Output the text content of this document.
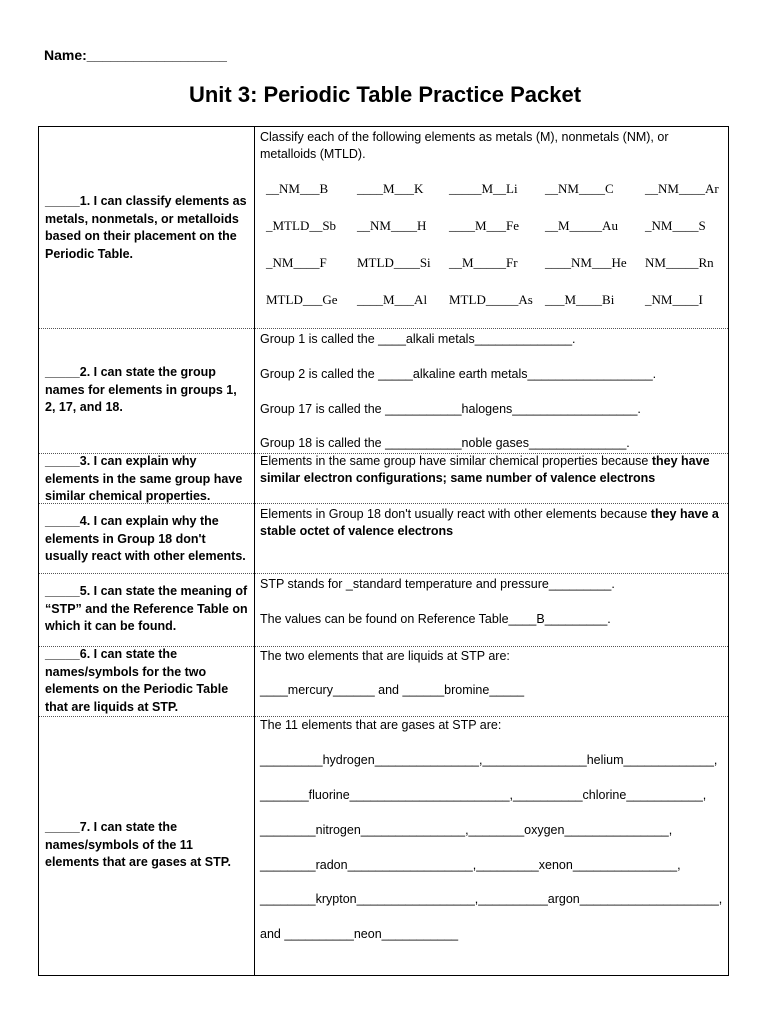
Name:__________________
Unit 3: Periodic Table Practice Packet
_____1. I can classify elements as metals, nonmetals, or metalloids based on their placement on the Periodic Table.
_____2. I can state the group names for elements in groups 1, 2, 17, and 18.
_____3. I can explain why elements in the same group have similar chemical properties.
_____4. I can explain why the elements in Group 18 don't usually react with other elements.
_____5. I can state the meaning of “STP” and the Reference Table on which it can be found.
_____6. I can state the names/symbols for the two elements on the Periodic Table that are liquids at STP.
_____7. I can state the names/symbols of the 11 elements that are gases at STP.
Classify each of the following elements as metals (M), nonmetals (NM), or metalloids (MTLD).
__NM___B ____M___K _____M__Li __NM____C __NM____Ar
_MTLD__Sb __NM____H ____M___Fe __M_____Au _NM____S
_NM____F MTLD____Si __M_____Fr ____NM___He NM_____Rn
MTLD___Ge ____M___Al MTLD_____As ___M____Bi _NM____I
Group 1 is called the ____alkali metals______________.
Group 2 is called the _____alkaline earth metals__________________.
Group 17 is called the ___________halogens__________________.
Group 18 is called the ___________noble gases______________.
Elements in the same group have similar chemical properties because they have similar electron configurations; same number of valence electrons
Elements in Group 18 don't usually react with other elements because they have a stable octet of valence electrons
STP stands for _standard temperature and pressure_________.
The values can be found on Reference Table____B_________.
The two elements that are liquids at STP are:
____mercury______ and ______bromine_____
The 11 elements that are gases at STP are:
_________hydrogen_______________,_______________helium_____________,
_______fluorine_______________________,__________chlorine___________,
________nitrogen_______________,________oxygen_______________,
________radon__________________,_________xenon_______________,
________krypton_________________,__________argon____________________,
and __________neon___________
